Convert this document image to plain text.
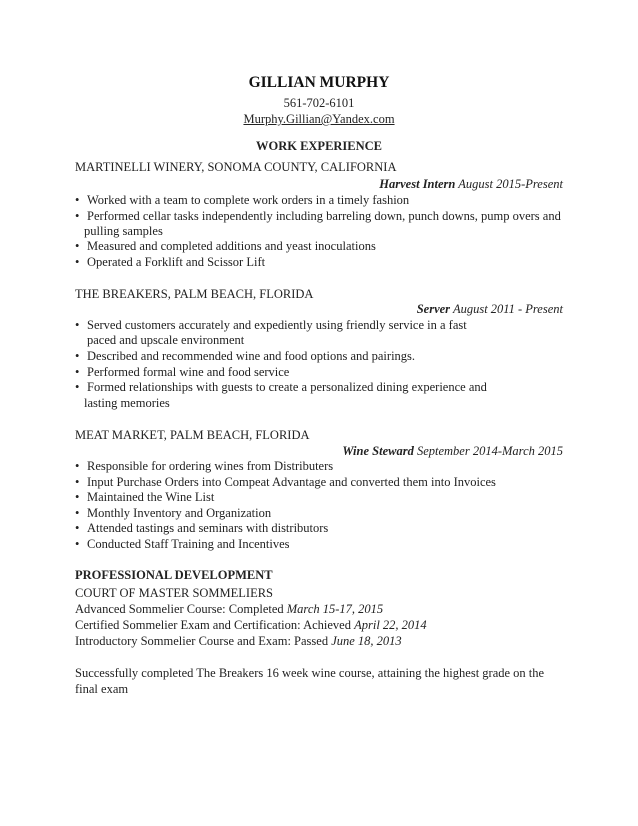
GILLIAN MURPHY
561-702-6101
Murphy.Gillian@Yandex.com
WORK EXPERIENCE
MARTINELLI WINERY, SONOMA COUNTY, CALIFORNIA
Harvest Intern August 2015-Present
• Worked with a team to complete work orders in a timely fashion
• Performed cellar tasks independently including barreling down, punch downs, pump overs and
pulling samples
• Measured and completed additions and yeast inoculations
• Operated a Forklift and Scissor Lift
THE BREAKERS, PALM BEACH, FLORIDA
Server August 2011 - Present
• Served customers accurately and expediently using friendly service in a fast
paced and upscale environment
• Described and recommended wine and food options and pairings.
• Performed formal wine and food service
• Formed relationships with guests to create a personalized dining experience and
lasting memories
MEAT MARKET, PALM BEACH, FLORIDA
Wine Steward September 2014-March 2015
• Responsible for ordering wines from Distributers
• Input Purchase Orders into Compeat Advantage and converted them into Invoices
• Maintained the Wine List
• Monthly Inventory and Organization
• Attended tastings and seminars with distributors
• Conducted Staff Training and Incentives
PROFESSIONAL DEVELOPMENT
COURT OF MASTER SOMMELIERS
Advanced Sommelier Course: Completed March 15-17, 2015
Certified Sommelier Exam and Certification: Achieved April 22, 2014
Introductory Sommelier Course and Exam: Passed June 18, 2013
Successfully completed The Breakers 16 week wine course, attaining the highest grade on the
final exam
